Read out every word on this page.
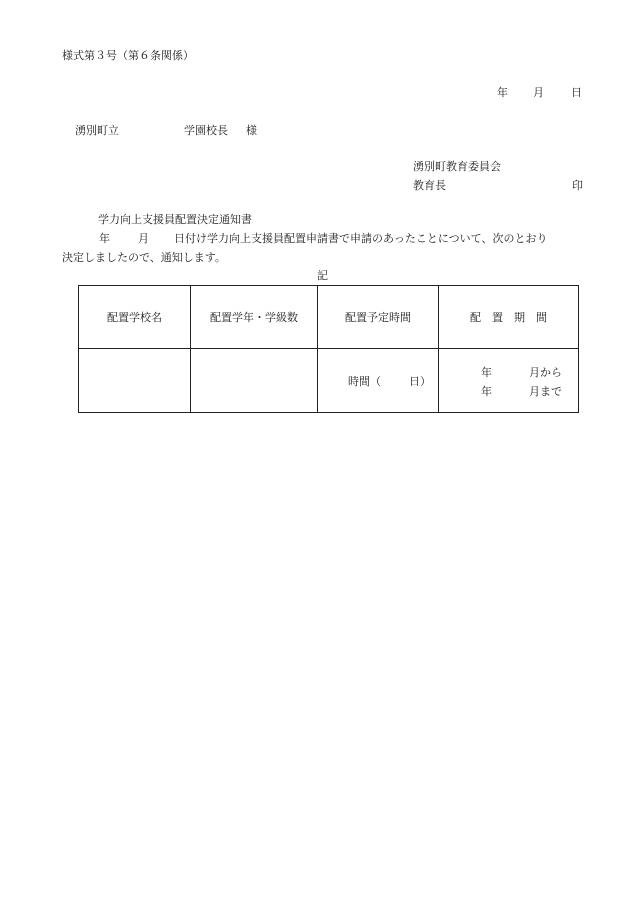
様式第３号（第６条関係）
年 月 日
湧別町立	学園校長 様
湧別町教育委員会
教育長	印
学力向上支援員配置決定通知書
年	月 日付け学力向上支援員配置申請書で申請のあったことについて、次のとおり
決定しましたので、通知します。
記
配置学校名	配置学年・学級数	配置予定時間	配　置　期　間

		時間（ 日）	年 月から
年 月まで
